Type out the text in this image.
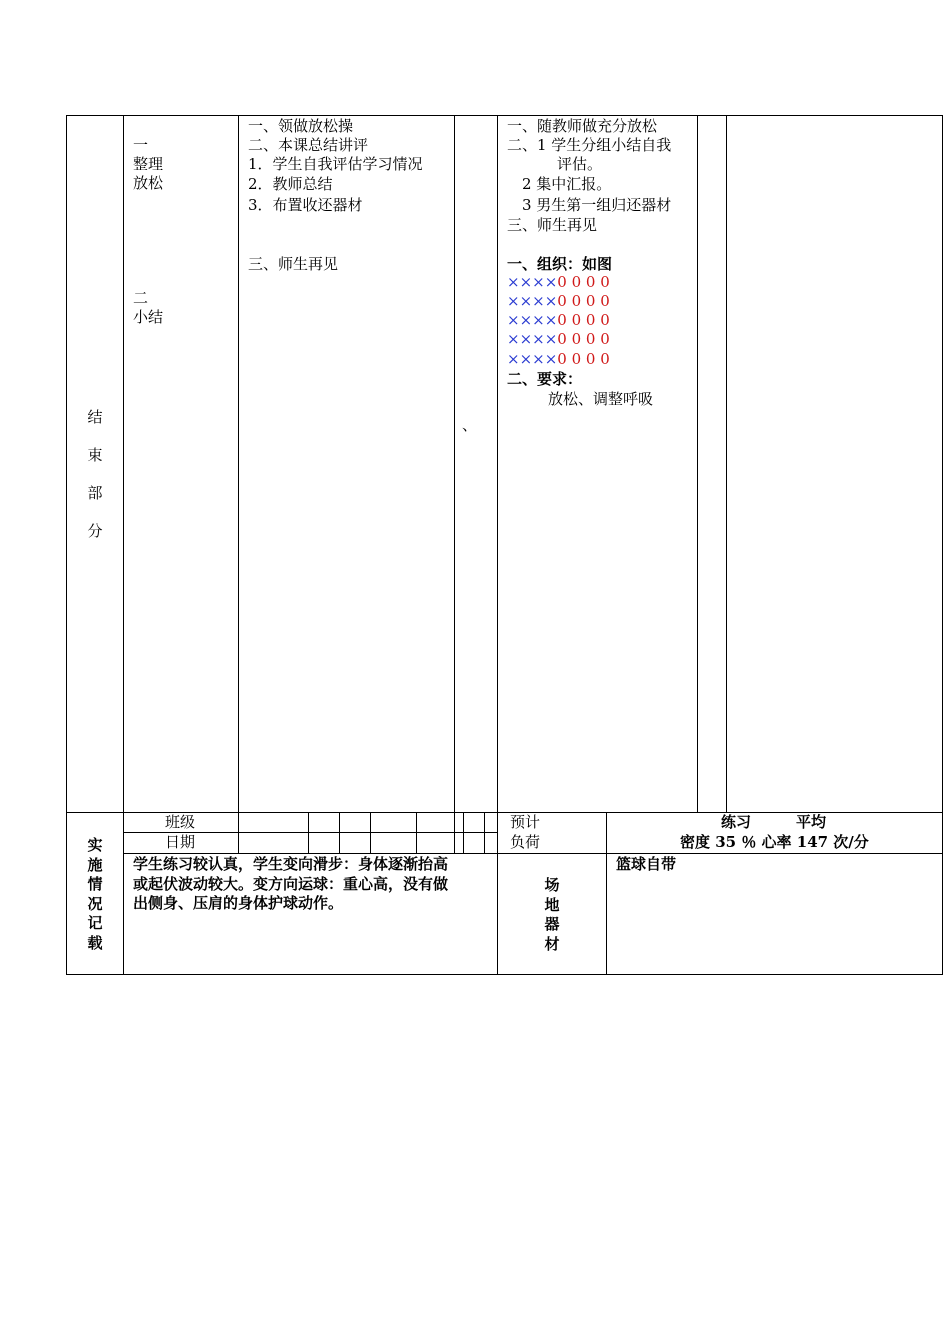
结
束
部
分
一
整理
放松
二
小结
一、领做放松操
二、本课总结讲评
1．学生自我评估学习情况
2．教师总结
3．布置收还器材
三、师生再见
、
一、随教师做充分放松
二、1 学生分组小结自我
评估。
2 集中汇报。
3 男生第一组归还器材
三、师生再见
一、组织：如图
××××0 0 0 0
××××0 0 0 0
××××0 0 0 0
××××0 0 0 0
××××0 0 0 0
二、要求：
放松、调整呼吸
实
施
情
况
记
载
班级
日期
预计
负荷
练习	平均
密度 35 ％ 心率 147 次/分
学生练习较认真，学生变向滑步：身体逐渐抬高
或起伏波动较大。变方向运球：重心高，没有做
出侧身、压肩的身体护球动作。
场
地
器
材
篮球自带
